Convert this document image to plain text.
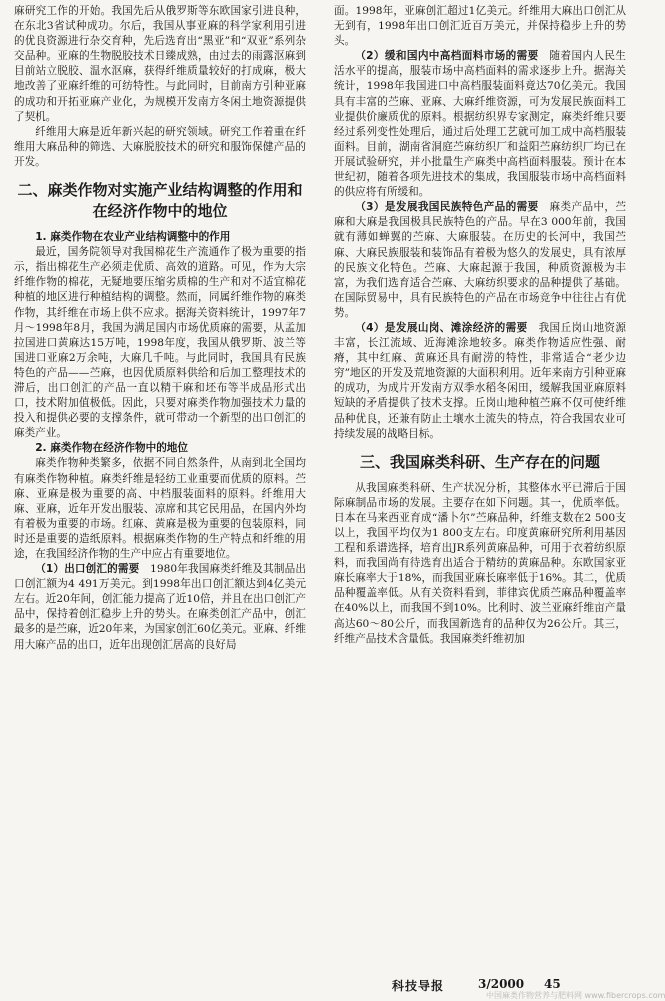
麻研究工作的开始。我国先后从俄罗斯等东欧国家引进良种，在东北3省试种成功。尔后，我国从事亚麻的科学家利用引进的优良资源进行杂交育种，先后选育出“黑亚”和“双亚”系列杂交品种。亚麻的生物脱胶技术日臻成熟，由过去的雨露沤麻到目前站立脱胶、温水沤麻，获得纤维质量较好的打成麻，极大地改善了亚麻纤维的可纺特性。与此同时，目前南方引种亚麻的成功和开拓亚麻产业化，为规模开发南方冬闲土地资源提供了契机。

纤维用大麻是近年新兴起的研究领域。研究工作着重在纤维用大麻品种的筛选、大麻脱胶技术的研究和服饰保健产品的开发。

二、麻类作物对实施产业结构调整的作用和在经济作物中的地位

1. 麻类作物在农业产业结构调整中的作用

最近，国务院领导对我国棉花生产流通作了极为重要的指示，指出棉花生产必须走优质、高效的道路。可见，作为大宗纤维作物的棉花，无疑地要压缩劣质棉的生产和对不适宜棉花种植的地区进行种植结构的调整。然而，同属纤维作物的麻类作物，其纤维在市场上供不应求。据海关资料统计，1997年7月～1998年8月，我国为满足国内市场优质麻的需要，从孟加拉国进口黄麻达15万吨，1998年度，我国从俄罗斯、波兰等国进口亚麻2万余吨，大麻几千吨。与此同时，我国具有民族特色的产品——苎麻，也因优质原料供给和后加工整理技术的滞后，出口创汇的产品一直以精干麻和坯布等半成品形式出口，技术附加值极低。因此，只要对麻类作物加强技术力量的投入和提供必要的支撑条件，就可带动一个新型的出口创汇的麻类产业。

2. 麻类作物在经济作物中的地位

麻类作物种类繁多，依据不同自然条件，从南到北全国均有麻类作物种植。麻类纤维是轻纺工业重要而优质的原料。苎麻、亚麻是极为重要的高、中档服装面料的原料。纤维用大麻、亚麻，近年开发出服装、凉席和其它民用品，在国内外均有着极为重要的市场。红麻、黄麻是极为重要的包装原料，同时还是重要的造纸原料。根据麻类作物的生产特点和纤维的用途，在我国经济作物的生产中应占有重要地位。

（1）出口创汇的需要　1980年我国麻类纤维及其制品出口创汇额为4 491万美元。到1998年出口创汇额达到4亿美元左右。近20年间，创汇能力提高了近10倍，并且在出口创汇产品中，保持着创汇稳步上升的势头。在麻类创汇产品中，创汇最多的是苎麻，近20年来，为国家创汇60亿美元。亚麻、纤维用大麻产品的出口，近年出现创汇居高的良好局

面。1998年，亚麻创汇超过1亿美元。纤维用大麻出口创汇从无到有，1998年出口创汇近百万美元，并保持稳步上升的势头。

（2）缓和国内中高档面料市场的需要　随着国内人民生活水平的提高，服装市场中高档面料的需求逐步上升。据海关统计，1998年我国进口中高档服装面料竟达70亿美元。我国具有丰富的苎麻、亚麻、大麻纤维资源，可为发展民族面料工业提供价廉质优的原料。根据纺织界专家测定，麻类纤维只要经过系列变性处理后，通过后处理工艺就可加工成中高档服装面料。目前，湖南省洞庭苎麻纺织厂和益阳苎麻纺织厂均已在开展试验研究，并小批量生产麻类中高档面料服装。预计在本世纪初，随着各项先进技术的集成，我国服装市场中高档面料的供应将有所缓和。

（3）是发展我国民族特色产品的需要　麻类产品中，苎麻和大麻是我国极具民族特色的产品。早在3 000年前，我国就有薄如蝉翼的苎麻、大麻服装。在历史的长河中，我国苎麻、大麻民族服装和装饰品有着极为悠久的发展史，具有浓厚的民族文化特色。苎麻、大麻起源于我国，种质资源极为丰富，为我们选育适合苎麻、大麻纺织要求的品种提供了基础。在国际贸易中，具有民族特色的产品在市场竞争中往往占有优势。

（4）是发展山岗、滩涂经济的需要　我国丘岗山地资源丰富，长江流域、近海滩涂地较多。麻类作物适应性强、耐瘠，其中红麻、黄麻还具有耐涝的特性，非常适合“老少边穷”地区的开发及荒地资源的大面积利用。近年来南方引种亚麻的成功，为成片开发南方双季水稻冬闲田，缓解我国亚麻原料短缺的矛盾提供了技术支撑。丘岗山地种植苎麻不仅可使纤维品种优良，还兼有防止土壤水土流失的特点，符合我国农业可持续发展的战略目标。

三、我国麻类科研、生产存在的问题

从我国麻类科研、生产状况分析，其整体水平已滞后于国际麻制品市场的发展。主要存在如下问题。其一，优质率低。日本在马来西亚育成“潘卜尔”苎麻品种，纤维支数在2 500支以上，我国平均仅为1 800支左右。印度黄麻研究所利用基因工程和系谱选择，培育出JR系列黄麻品种，可用于衣着纺织原料，而我国尚有待选育出适合于精纺的黄麻品种。东欧国家亚麻长麻率大于18%，而我国亚麻长麻率低于16%。其二，优质品种覆盖率低。从有关资料看到，菲律宾优质苎麻品种覆盖率在40%以上，而我国不到10%。比利时、波兰亚麻纤维亩产量高达60～80公斤，而我国新选育的品种仅为26公斤。其三，纤维产品技术含量低。我国麻类纤维初加

科技导报	3/2000 45
中国麻类作物营养与肥料网 www.fibercrops.com
